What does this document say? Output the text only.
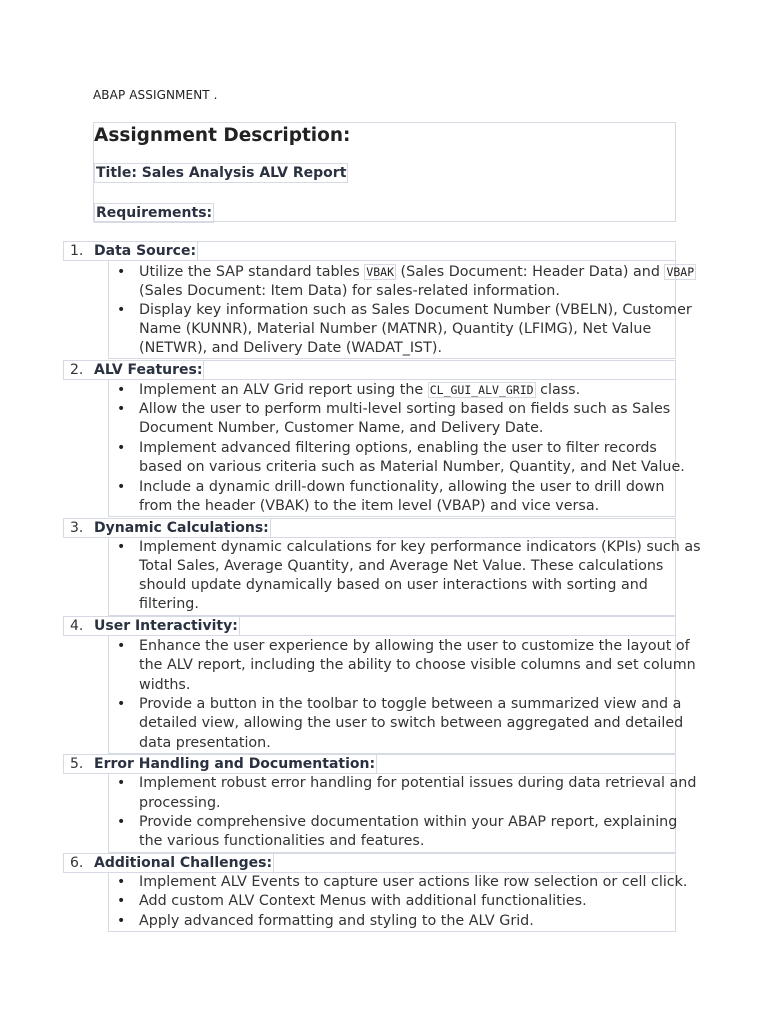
ABAP ASSIGNMENT .
Assignment Description:
Title: Sales Analysis ALV Report
Requirements:
1. Data Source:
• Utilize the SAP standard tables VBAK (Sales Document: Header Data) and VBAP
(Sales Document: Item Data) for sales-related information.
• Display key information such as Sales Document Number (VBELN), Customer
Name (KUNNR), Material Number (MATNR), Quantity (LFIMG), Net Value
(NETWR), and Delivery Date (WADAT_IST).
2. ALV Features:
• Implement an ALV Grid report using the CL_GUI_ALV_GRID class.
• Allow the user to perform multi-level sorting based on fields such as Sales
Document Number, Customer Name, and Delivery Date.
• Implement advanced filtering options, enabling the user to filter records
based on various criteria such as Material Number, Quantity, and Net Value.
• Include a dynamic drill-down functionality, allowing the user to drill down
from the header (VBAK) to the item level (VBAP) and vice versa.
3. Dynamic Calculations:
• Implement dynamic calculations for key performance indicators (KPIs) such as
Total Sales, Average Quantity, and Average Net Value. These calculations
should update dynamically based on user interactions with sorting and
filtering.
4. User Interactivity:
• Enhance the user experience by allowing the user to customize the layout of
the ALV report, including the ability to choose visible columns and set column
widths.
• Provide a button in the toolbar to toggle between a summarized view and a
detailed view, allowing the user to switch between aggregated and detailed
data presentation.
5. Error Handling and Documentation:
• Implement robust error handling for potential issues during data retrieval and
processing.
• Provide comprehensive documentation within your ABAP report, explaining
the various functionalities and features.
6. Additional Challenges:
• Implement ALV Events to capture user actions like row selection or cell click.
• Add custom ALV Context Menus with additional functionalities.
• Apply advanced formatting and styling to the ALV Grid.
